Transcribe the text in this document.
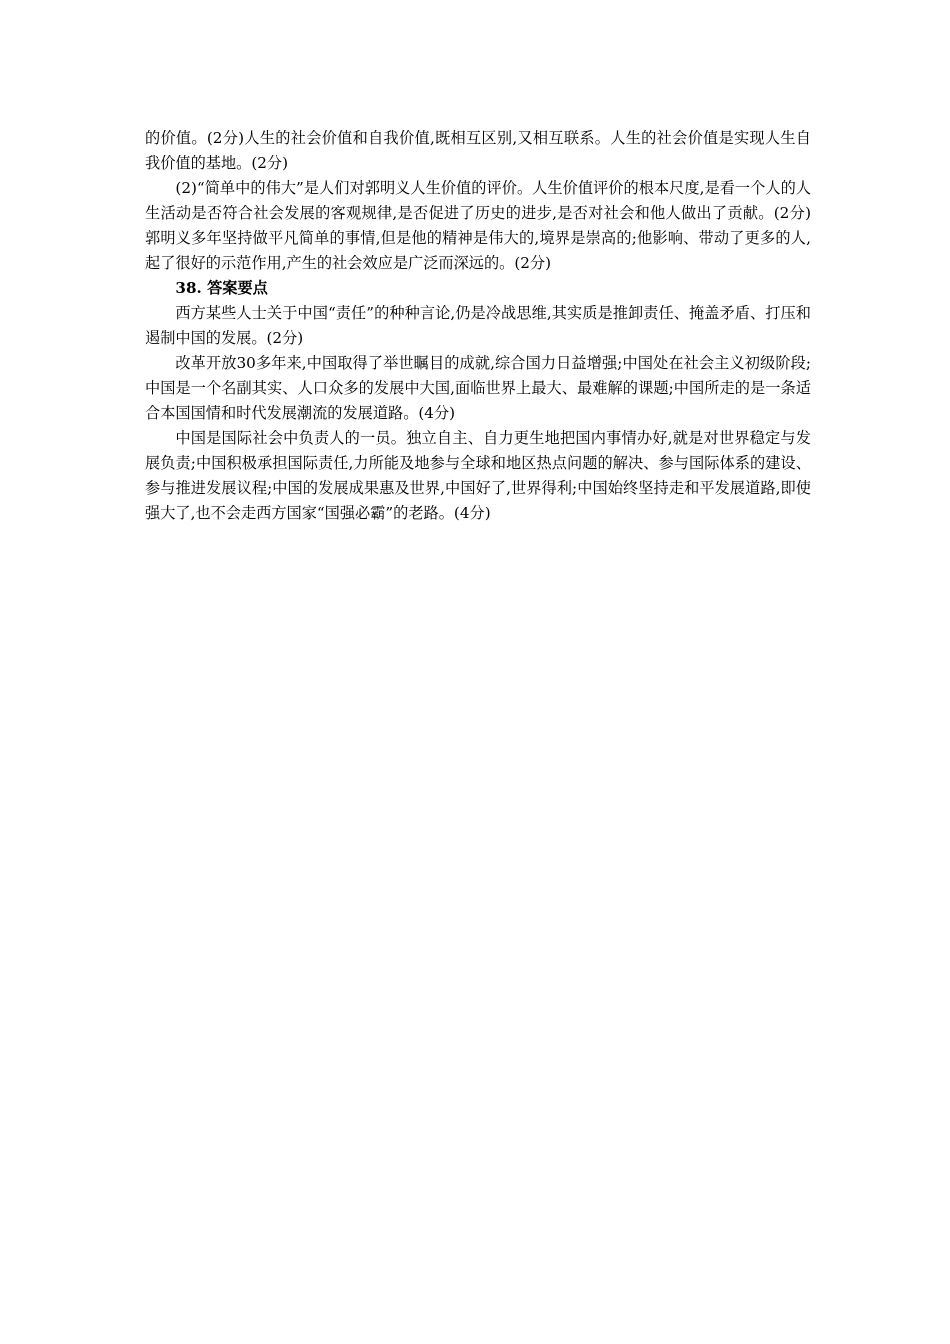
的价值。(2分)人生的社会价值和自我价值,既相互区别,又相互联系。人生的社会价值是实现人生自我价值的基地。(2分)

(2)“简单中的伟大”是人们对郭明义人生价值的评价。人生价值评价的根本尺度,是看一个人的人生活动是否符合社会发展的客观规律,是否促进了历史的进步,是否对社会和他人做出了贡献。(2分)郭明义多年坚持做平凡简单的事情,但是他的精神是伟大的,境界是崇高的;他影响、带动了更多的人,起了很好的示范作用,产生的社会效应是广泛而深远的。(2分)

38. 答案要点

西方某些人士关于中国“责任”的种种言论,仍是冷战思维,其实质是推卸责任、掩盖矛盾、打压和遏制中国的发展。(2分)

改革开放30多年来,中国取得了举世瞩目的成就,综合国力日益增强;中国处在社会主义初级阶段;中国是一个名副其实、人口众多的发展中大国,面临世界上最大、最难解的课题;中国所走的是一条适合本国国情和时代发展潮流的发展道路。(4分)

中国是国际社会中负责人的一员。独立自主、自力更生地把国内事情办好,就是对世界稳定与发展负责;中国积极承担国际责任,力所能及地参与全球和地区热点问题的解决、参与国际体系的建设、参与推进发展议程;中国的发展成果惠及世界,中国好了,世界得利;中国始终坚持走和平发展道路,即使强大了,也不会走西方国家“国强必霸”的老路。(4分)
